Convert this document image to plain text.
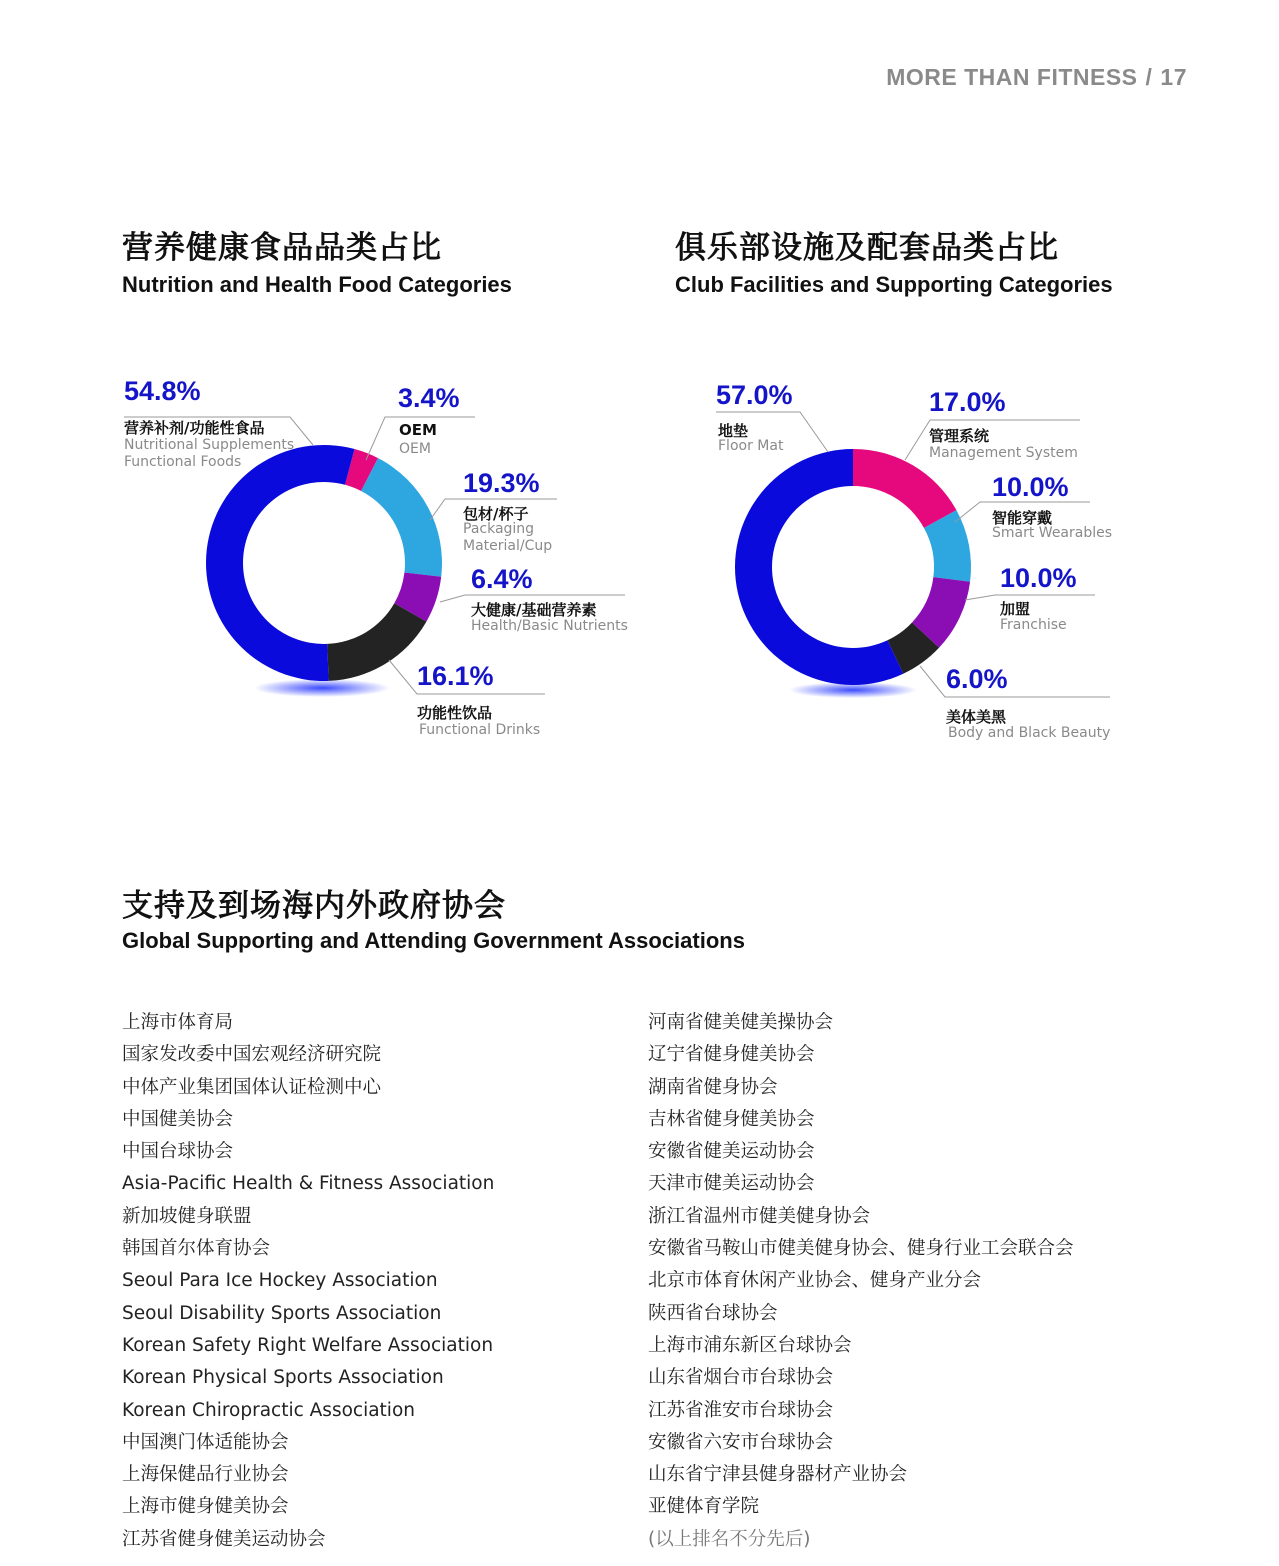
MORE THAN FITNESS / 17
营养健康食品品类占比
Nutrition and Health Food Categories
俱乐部设施及配套品类占比
Club Facilities and Supporting Categories
54.8%
营养补剂/功能性食品
Nutritional Supplements
Functional Foods
3.4%
OEM
OEM
19.3%
包材/杯子
Packaging
Material/Cup
6.4%
大健康/基础营养素
Health/Basic Nutrients
16.1%
功能性饮品
Functional Drinks
57.0%
地垫
Floor Mat
17.0%
管理系统
Management System
10.0%
智能穿戴
Smart Wearables
10.0%
加盟
Franchise
6.0%
美体美黑
Body and Black Beauty
支持及到场海内外政府协会
Global Supporting and Attending Government Associations
上海市体育局
国家发改委中国宏观经济研究院
中体产业集团国体认证检测中心
中国健美协会
中国台球协会
Asia-Pacific Health & Fitness Association
新加坡健身联盟
韩国首尔体育协会
Seoul Para Ice Hockey Association
Seoul Disability Sports Association
Korean Safety Right Welfare Association
Korean Physical Sports Association
Korean Chiropractic Association
中国澳门体适能协会
上海保健品行业协会
上海市健身健美协会
江苏省健身健美运动协会
河南省健美健美操协会
辽宁省健身健美协会
湖南省健身协会
吉林省健身健美协会
安徽省健美运动协会
天津市健美运动协会
浙江省温州市健美健身协会
安徽省马鞍山市健美健身协会、健身行业工会联合会
北京市体育休闲产业协会、健身产业分会
陕西省台球协会
上海市浦东新区台球协会
山东省烟台市台球协会
江苏省淮安市台球协会
安徽省六安市台球协会
山东省宁津县健身器材产业协会
亚健体育学院
(以上排名不分先后)
